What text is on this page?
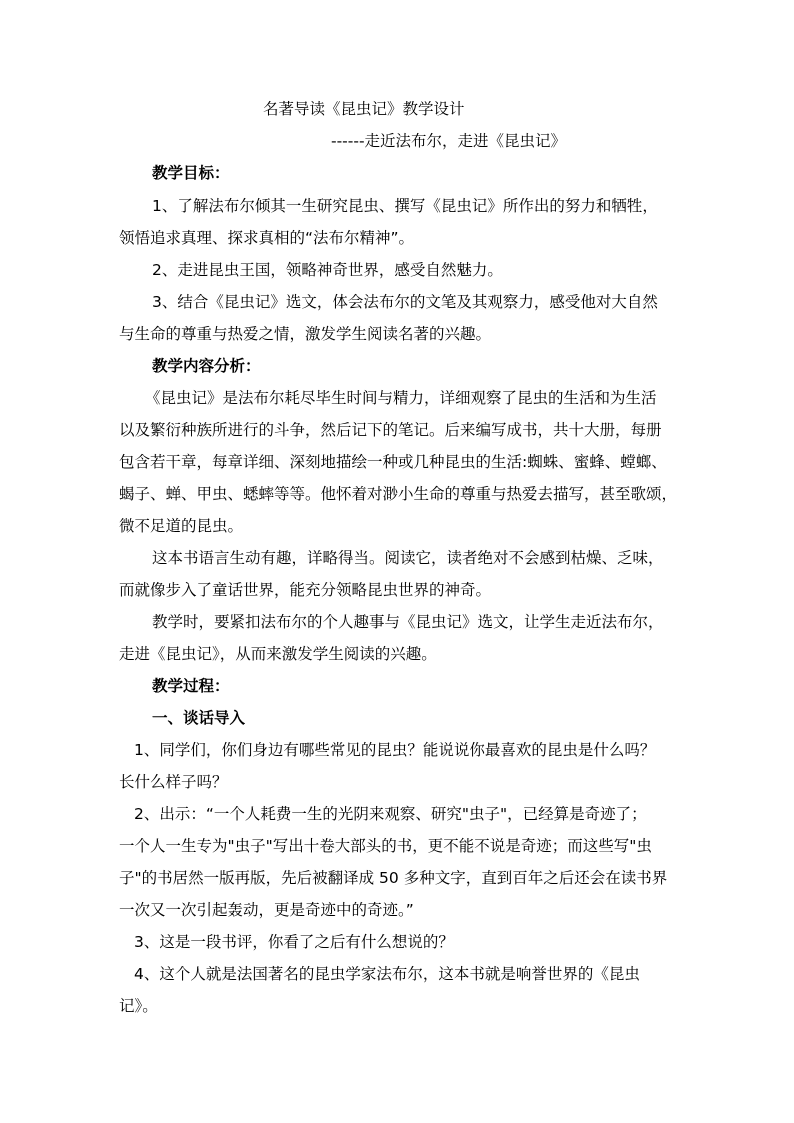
名著导读《昆虫记》教学设计
------走近法布尔，走进《昆虫记》
教学目标：
1、了解法布尔倾其一生研究昆虫、撰写《昆虫记》所作出的努力和牺牲，
领悟追求真理、探求真相的“法布尔精神”。
2、走进昆虫王国，领略神奇世界，感受自然魅力。
3、结合《昆虫记》选文，体会法布尔的文笔及其观察力，感受他对大自然
与生命的尊重与热爱之情，激发学生阅读名著的兴趣。
教学内容分析：
《昆虫记》是法布尔耗尽毕生时间与精力，详细观察了昆虫的生活和为生活
以及繁衍种族所进行的斗争，然后记下的笔记。后来编写成书，共十大册，每册
包含若干章，每章详细、深刻地描绘一种或几种昆虫的生活:蜘蛛、蜜蜂、螳螂、
蝎子、蝉、甲虫、蟋蟀等等。他怀着对渺小生命的尊重与热爱去描写，甚至歌颂，
微不足道的昆虫。
这本书语言生动有趣，详略得当。阅读它，读者绝对不会感到枯燥、乏味，
而就像步入了童话世界，能充分领略昆虫世界的神奇。
教学时，要紧扣法布尔的个人趣事与《昆虫记》选文，让学生走近法布尔，
走进《昆虫记》，从而来激发学生阅读的兴趣。
教学过程：
一、谈话导入
1、同学们，你们身边有哪些常见的昆虫？能说说你最喜欢的昆虫是什么吗？
长什么样子吗？
2、出示：“一个人耗费一生的光阴来观察、研究"虫子"，已经算是奇迹了；
一个人一生专为"虫子"写出十卷大部头的书，更不能不说是奇迹；而这些写"虫
子"的书居然一版再版，先后被翻译成 50 多种文字，直到百年之后还会在读书界
一次又一次引起轰动，更是奇迹中的奇迹。”
3、这是一段书评，你看了之后有什么想说的？
4、这个人就是法国著名的昆虫学家法布尔，这本书就是响誉世界的《昆虫
记》。
